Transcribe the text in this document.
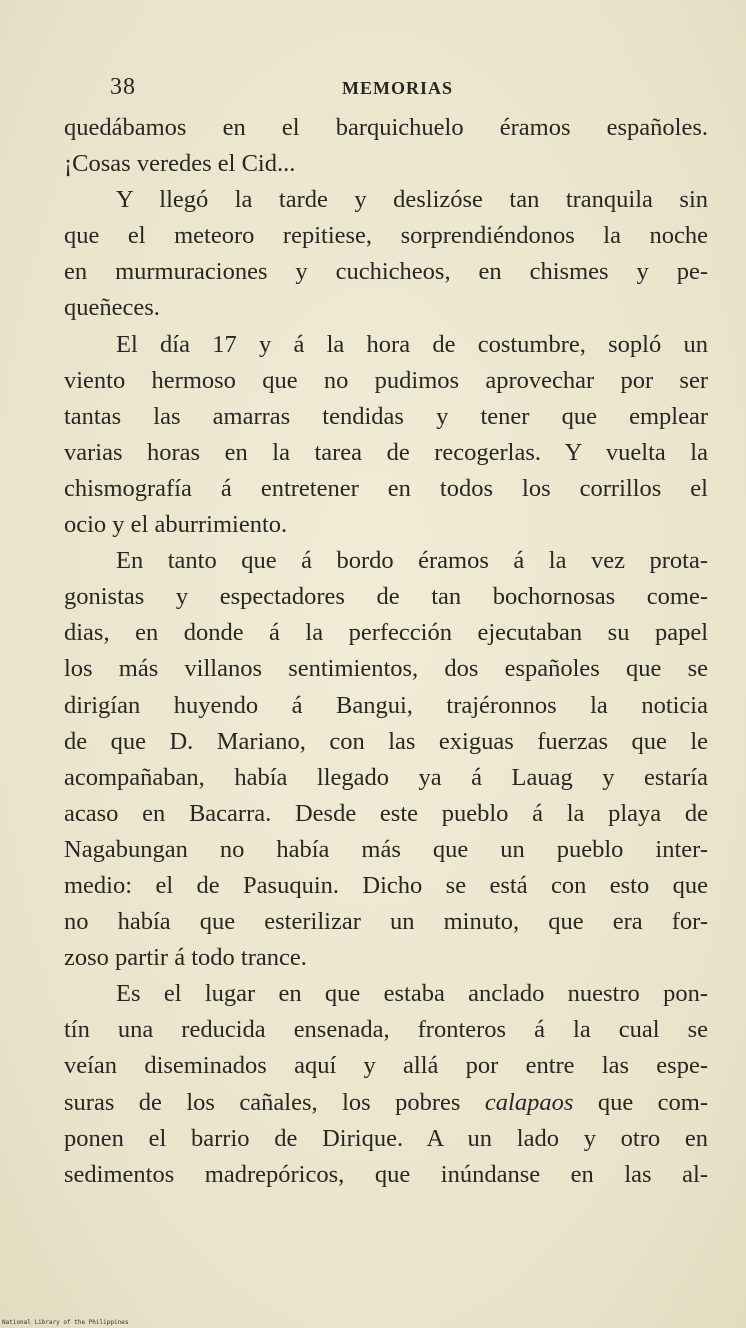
38	MEMORIAS
quedábamos en el barquichuelo éramos españoles.
¡Cosas veredes el Cid...
Y llegó la tarde y deslizóse tan tranquila sin
que el meteoro repitiese, sorprendiéndonos la noche
en murmuraciones y cuchicheos, en chismes y pe-
queñeces.
El día 17 y á la hora de costumbre, sopló un
viento hermoso que no pudimos aprovechar por ser
tantas las amarras tendidas y tener que emplear
varias horas en la tarea de recogerlas. Y vuelta la
chismografía á entretener en todos los corrillos el
ocio y el aburrimiento.
En tanto que á bordo éramos á la vez prota-
gonistas y espectadores de tan bochornosas come-
dias, en donde á la perfección ejecutaban su papel
los más villanos sentimientos, dos españoles que se
dirigían huyendo á Bangui, trajéronnos la noticia
de que D. Mariano, con las exiguas fuerzas que le
acompañaban, había llegado ya á Lauag y estaría
acaso en Bacarra. Desde este pueblo á la playa de
Nagabungan no había más que un pueblo inter-
medio: el de Pasuquin. Dicho se está con esto que
no había que esterilizar un minuto, que era for-
zoso partir á todo trance.
Es el lugar en que estaba anclado nuestro pon-
tín una reducida ensenada, fronteros á la cual se
veían diseminados aquí y allá por entre las espe-
suras de los cañales, los pobres calapaos que com-
ponen el barrio de Dirique. A un lado y otro en
sedimentos madrepóricos, que inúndanse en las al-
National Library of the Philippines
